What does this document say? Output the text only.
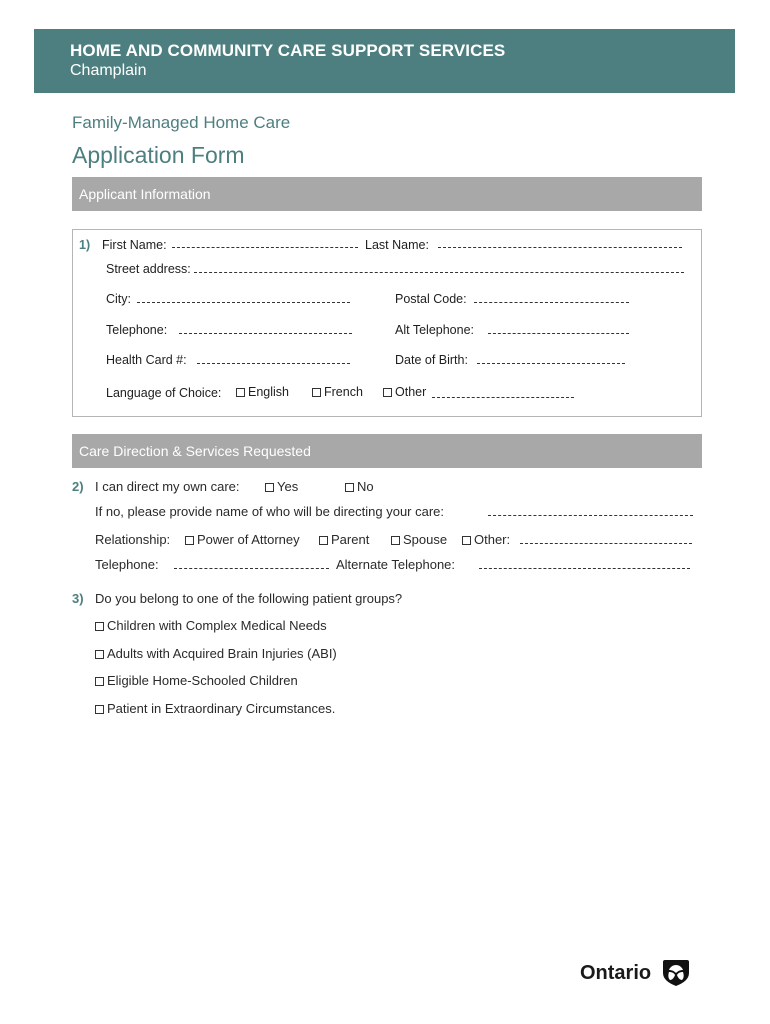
HOME AND COMMUNITY CARE SUPPORT SERVICES
Champlain
Family-Managed Home Care
Application Form
Applicant Information
1) First Name:	Last Name:
Street address:
City:	Postal Code:
Telephone:	Alt Telephone:
Health Card #:	Date of Birth:
Language of Choice:	English	French	Other
Care Direction & Services Requested
2) I can direct my own care:	Yes	No
If no, please provide name of who will be directing your care:
Relationship:	Power of Attorney	Parent	Spouse	Other:
Telephone:	Alternate Telephone:
3) Do you belong to one of the following patient groups?
Children with Complex Medical Needs
Adults with Acquired Brain Injuries (ABI)
Eligible Home-Schooled Children
Patient in Extraordinary Circumstances.
Ontario
